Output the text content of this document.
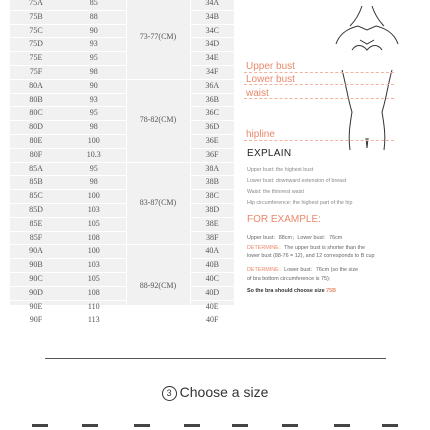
75A	85	73-77(CM)	34A
75B	88		34B
75C	90		34C
75D	93		34D
75E	95		34E
75F	98		34F
80A	90	78-82(CM)	36A
80B	93		36B
80C	95		36C
80D	98		36D
80E	100		36E
80F	10.3		36F
85A	95	83-87(CM)	38A
85B	98		38B
85C	100		38C
85D	103		38D
85E	105		38E
85F	108		38F
90A	100	88-92(CM)	40A
90B	103		40B
90C	105		40C
90D	108		40D
90E	110		40E
90F	113		40F
Upper bust
Lower bust
waist
hipline
EXPLAIN
Upper bust: the highest bust
Lower bust: downward extension of breast
Waist: the thinnest waist
Hip circumference: the highest part of the hip
FOR EXAMPLE:
Upper bust：88cm；Lower bust：76cm
DETERMINE：The upper bust is shorter than the
lower bust (88-76 = 12), and 12 corresponds to B cup
DETERMINE：Lower bust：76cm (so the size
of bra bottom circumference is 75);
So the bra should choose size 75B
3 Choose a size
